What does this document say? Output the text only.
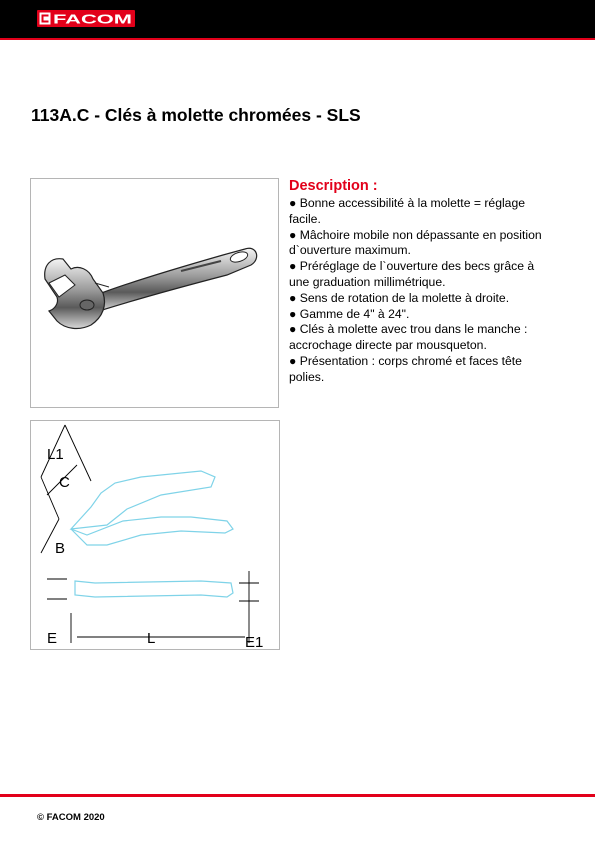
FACOM
113A.C - Clés à molette chromées - SLS
L1
C
B
E	L	E1
Description :
● Bonne accessibilité à la molette = réglage facile.
● Mâchoire mobile non dépassante en position d`ouverture maximum.
● Préréglage de l`ouverture des becs grâce à une graduation millimétrique.
● Sens de rotation de la molette à droite.
● Gamme de 4" à 24".
● Clés à molette avec trou dans le manche : accrochage directe par mousqueton.
● Présentation : corps chromé et faces tête polies.
© FACOM 2020
